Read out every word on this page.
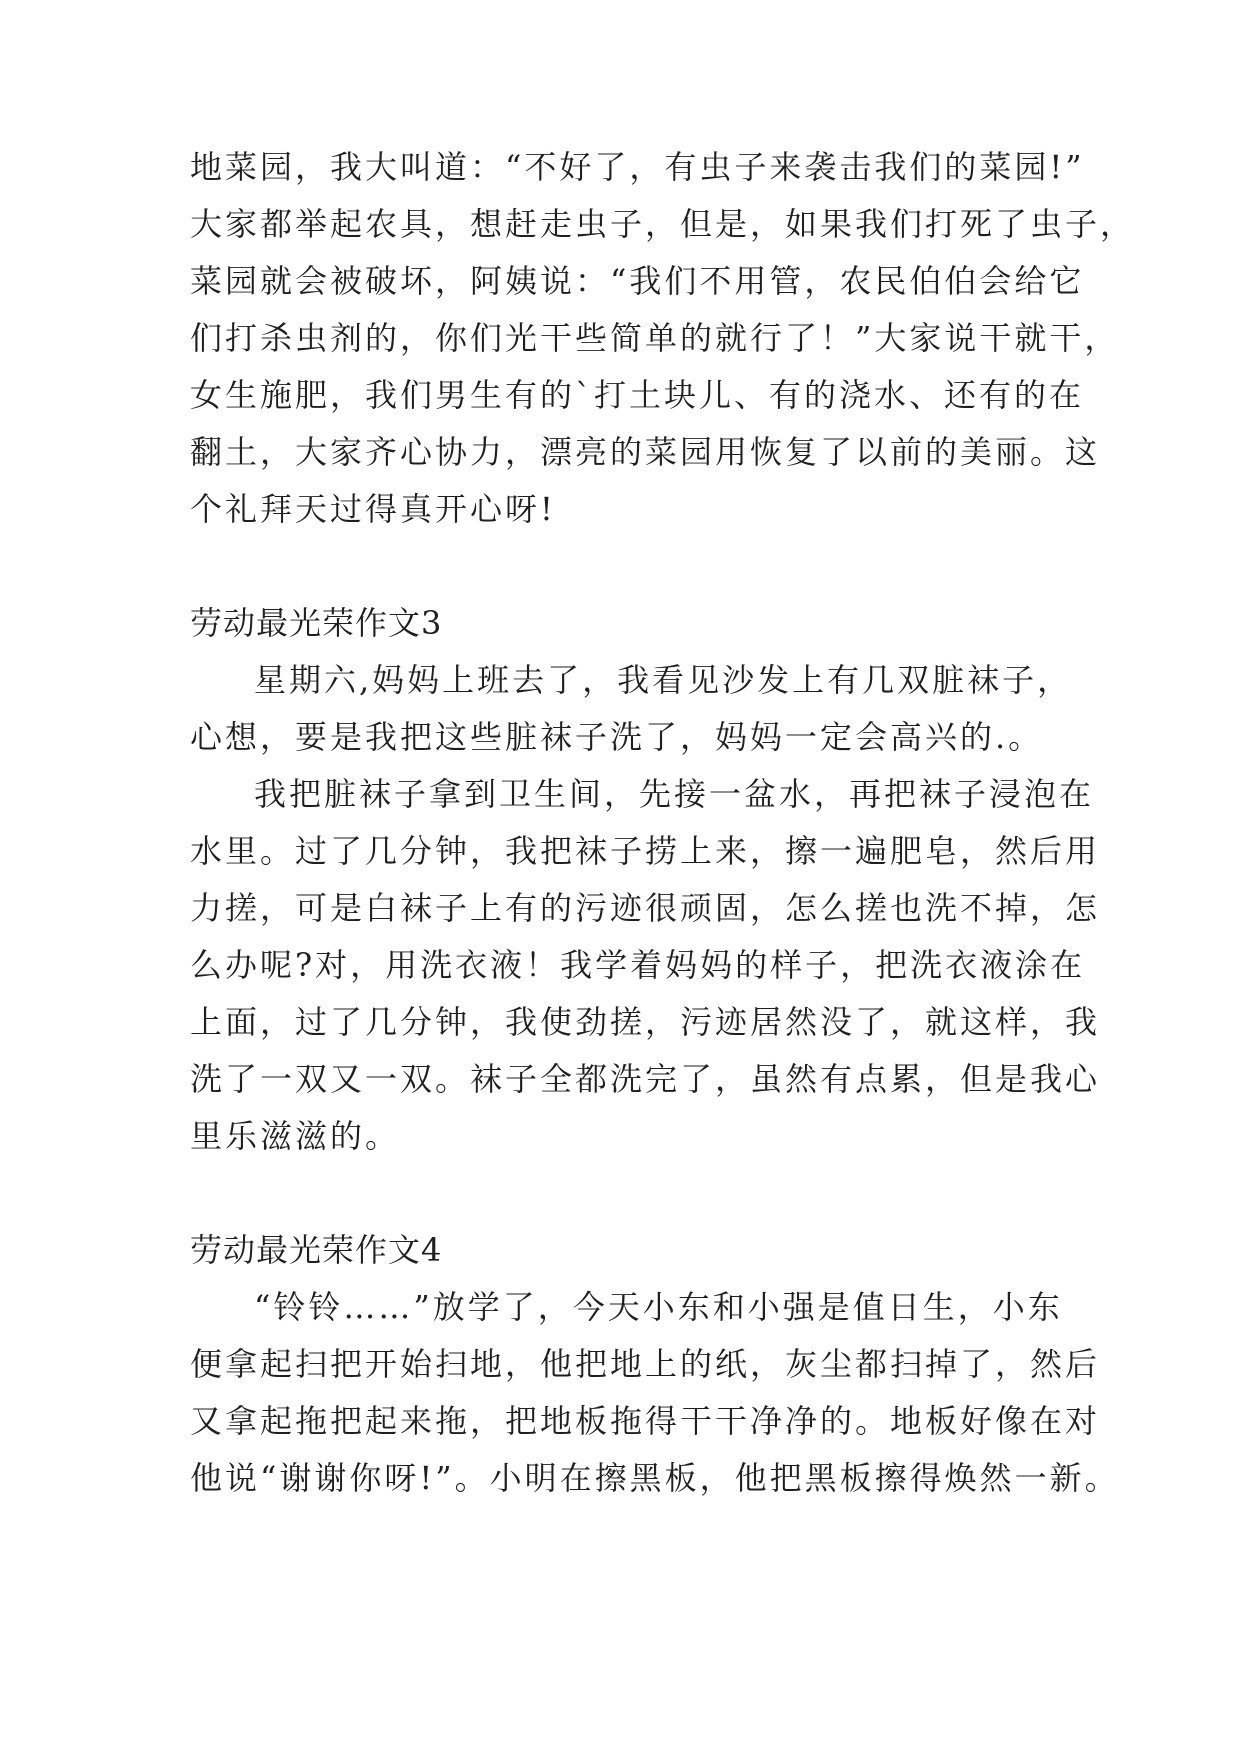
地菜园，我大叫道：“不好了，有虫子来袭击我们的菜园!”
大家都举起农具，想赶走虫子，但是，如果我们打死了虫子，
菜园就会被破坏，阿姨说：“我们不用管，农民伯伯会给它
们打杀虫剂的，你们光干些简单的就行了！”大家说干就干，
女生施肥，我们男生有的`打土块儿、有的浇水、还有的在
翻土，大家齐心协力，漂亮的菜园用恢复了以前的美丽。这
个礼拜天过得真开心呀!
劳动最光荣作文3
星期六,妈妈上班去了，我看见沙发上有几双脏袜子，
心想，要是我把这些脏袜子洗了，妈妈一定会高兴的.。
我把脏袜子拿到卫生间，先接一盆水，再把袜子浸泡在
水里。过了几分钟，我把袜子捞上来，擦一遍肥皂，然后用
力搓，可是白袜子上有的污迹很顽固，怎么搓也洗不掉，怎
么办呢?对，用洗衣液！我学着妈妈的样子，把洗衣液涂在
上面，过了几分钟，我使劲搓，污迹居然没了，就这样，我
洗了一双又一双。袜子全都洗完了，虽然有点累，但是我心
里乐滋滋的。
劳动最光荣作文4
“铃铃……”放学了，今天小东和小强是值日生，小东
便拿起扫把开始扫地，他把地上的纸，灰尘都扫掉了，然后
又拿起拖把起来拖，把地板拖得干干净净的。地板好像在对
他说“谢谢你呀!”。小明在擦黑板，他把黑板擦得焕然一新。
